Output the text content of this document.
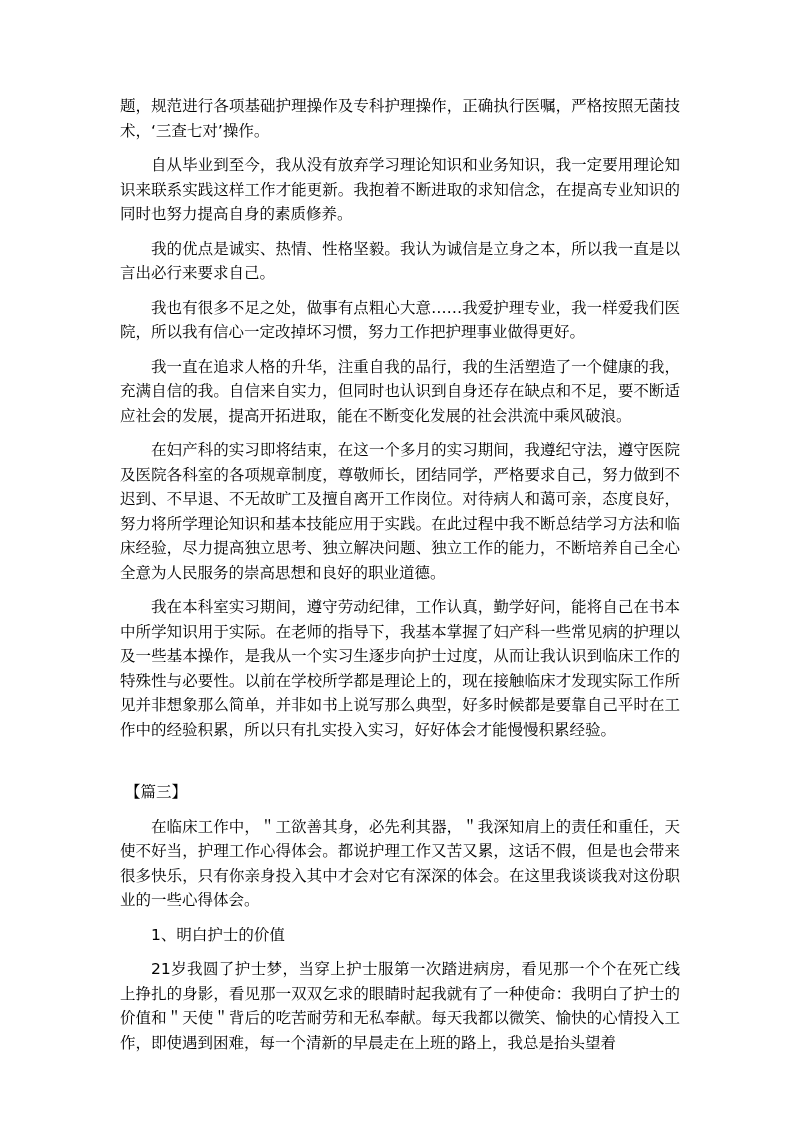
题，规范进行各项基础护理操作及专科护理操作，正确执行医嘱，严格按照无菌技术，‘三查七对’操作。

自从毕业到至今，我从没有放弃学习理论知识和业务知识，我一定要用理论知识来联系实践这样工作才能更新。我抱着不断进取的求知信念，在提高专业知识的同时也努力提高自身的素质修养。

我的优点是诚实、热情、性格坚毅。我认为诚信是立身之本，所以我一直是以言出必行来要求自己。

我也有很多不足之处，做事有点粗心大意……我爱护理专业，我一样爱我们医院，所以我有信心一定改掉坏习惯，努力工作把护理事业做得更好。

我一直在追求人格的升华，注重自我的品行，我的生活塑造了一个健康的我，充满自信的我。自信来自实力，但同时也认识到自身还存在缺点和不足，要不断适应社会的发展，提高开拓进取，能在不断变化发展的社会洪流中乘风破浪。

在妇产科的实习即将结束，在这一个多月的实习期间，我遵纪守法，遵守医院及医院各科室的各项规章制度，尊敬师长，团结同学，严格要求自己，努力做到不迟到、不早退、不无故旷工及擅自离开工作岗位。对待病人和蔼可亲，态度良好，努力将所学理论知识和基本技能应用于实践。在此过程中我不断总结学习方法和临床经验，尽力提高独立思考、独立解决问题、独立工作的能力，不断培养自己全心全意为人民服务的崇高思想和良好的职业道德。

我在本科室实习期间，遵守劳动纪律，工作认真，勤学好问，能将自己在书本中所学知识用于实际。在老师的指导下，我基本掌握了妇产科一些常见病的护理以及一些基本操作，是我从一个实习生逐步向护士过度，从而让我认识到临床工作的特殊性与必要性。以前在学校所学都是理论上的，现在接触临床才发现实际工作所见并非想象那么简单，并非如书上说写那么典型，好多时候都是要靠自己平时在工作中的经验积累，所以只有扎实投入实习，好好体会才能慢慢积累经验。

【篇三】

在临床工作中，＂工欲善其身，必先利其器，＂我深知肩上的责任和重任，天使不好当，护理工作心得体会。都说护理工作又苦又累，这话不假，但是也会带来很多快乐，只有你亲身投入其中才会对它有深深的体会。在这里我谈谈我对这份职业的一些心得体会。

1、明白护士的价值

21岁我圆了护士梦，当穿上护士服第一次踏进病房，看见那一个个在死亡线上挣扎的身影，看见那一双双乞求的眼睛时起我就有了一种使命：我明白了护士的价值和＂天使＂背后的吃苦耐劳和无私奉献。每天我都以微笑、愉快的心情投入工作，即使遇到困难，每一个清新的早晨走在上班的路上，我总是抬头望着
